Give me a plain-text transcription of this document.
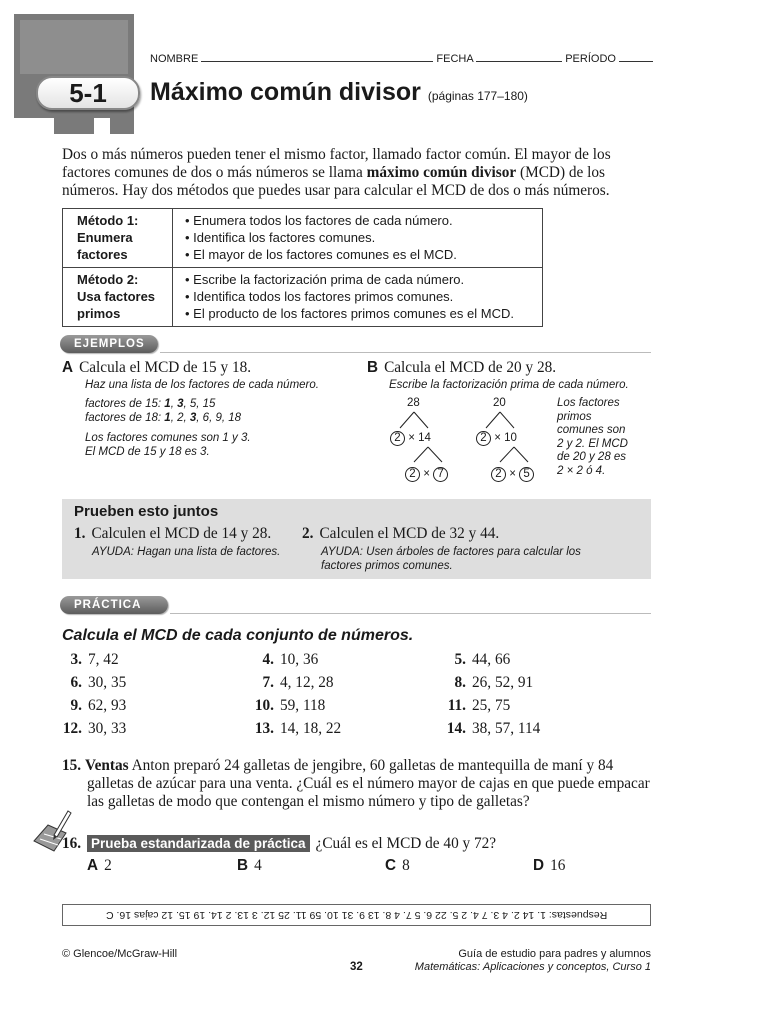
5-1
NOMBRE	FECHA	PERÍODO
Máximo común divisor (páginas 177–180)
Dos o más números pueden tener el mismo factor, llamado factor común. El mayor de los factores comunes de dos o más números se llama máximo común divisor (MCD) de los números. Hay dos métodos que puedes usar para calcular el MCD de dos o más números.
Método 1:
Enumera
factores
• Enumera todos los factores de cada número.
• Identifica los factores comunes.
• El mayor de los factores comunes es el MCD.
Método 2:
Usa factores
primos
• Escribe la factorización prima de cada número.
• Identifica todos los factores primos comunes.
• El producto de los factores primos comunes es el MCD.
EJEMPLOS
A Calcula el MCD de 15 y 18.
Haz una lista de los factores de cada número.
factores de 15: 1, 3, 5, 15
factores de 18: 1, 2, 3, 6, 9, 18
Los factores comunes son 1 y 3.
El MCD de 15 y 18 es 3.
B Calcula el MCD de 20 y 28.
Escribe la factorización prima de cada número.
28
2 × 14
2 × 7
20
2 × 10
2 × 5
Los factores
primos
comunes son
2 y 2. El MCD
de 20 y 28 es
2 × 2 ó 4.
Prueben esto juntos
1. Calculen el MCD de 14 y 28.
AYUDA: Hagan una lista de factores.
2. Calculen el MCD de 32 y 44.
AYUDA: Usen árboles de factores para calcular los
factores primos comunes.
PRÁCTICA
Calcula el MCD de cada conjunto de números.
3. 7, 42	4. 10, 36	5. 44, 66
6. 30, 35	7. 4, 12, 28	8. 26, 52, 91
9. 62, 93	10. 59, 118	11. 25, 75
12. 30, 33	13. 14, 18, 22	14. 38, 57, 114
15. Ventas Anton preparó 24 galletas de jengibre, 60 galletas de mantequilla de maní y 84 galletas de azúcar para una venta. ¿Cuál es el número mayor de cajas en que puede empacar las galletas de modo que contengan el mismo número y tipo de galletas?
16. Prueba estandarizada de práctica ¿Cuál es el MCD de 40 y 72?
A 2	B 4	C 8	D 16
Respuestas: 1. 14 2. 4 3. 7 4. 2 5. 22 6. 5 7. 4 8. 13 9. 31 10. 59 11. 25 12. 3 13. 2 14. 19 15. 12 cajas 16. C
© Glencoe/McGraw-Hill
32
Guía de estudio para padres y alumnos
Matemáticas: Aplicaciones y conceptos, Curso 1
